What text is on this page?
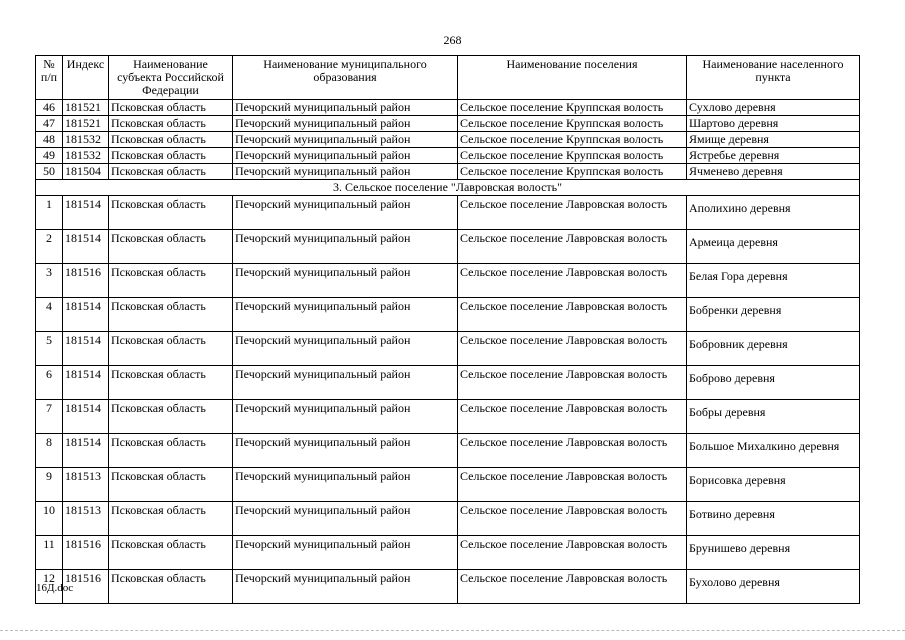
268
№ п/п	Индекс	Наименование субъекта Российской Федерации	Наименование муниципального образования	Наименование поселения	Наименование населенного пункта
46	181521	Псковская область	Печорский муниципальный район	Сельское поселение Круппская волость	Сухлово деревня
47	181521	Псковская область	Печорский муниципальный район	Сельское поселение Круппская волость	Шартово деревня
48	181532	Псковская область	Печорский муниципальный район	Сельское поселение Круппская волость	Ямище деревня
49	181532	Псковская область	Печорский муниципальный район	Сельское поселение Круппская волость	Ястребье деревня
50	181504	Псковская область	Печорский муниципальный район	Сельское поселение Круппская волость	Ячменево деревня
3. Сельское поселение "Лавровская волость"					
1	181514	Псковская область	Печорский муниципальный район	Сельское поселение Лавровская волость	Аполихино деревня
2	181514	Псковская область	Печорский муниципальный район	Сельское поселение Лавровская волость	Армеица деревня
3	181516	Псковская область	Печорский муниципальный район	Сельское поселение Лавровская волость	Белая Гора деревня
4	181514	Псковская область	Печорский муниципальный район	Сельское поселение Лавровская волость	Бобренки деревня
5	181514	Псковская область	Печорский муниципальный район	Сельское поселение Лавровская волость	Бобровник деревня
6	181514	Псковская область	Печорский муниципальный район	Сельское поселение Лавровская волость	Боброво деревня
7	181514	Псковская область	Печорский муниципальный район	Сельское поселение Лавровская волость	Бобры деревня
8	181514	Псковская область	Печорский муниципальный район	Сельское поселение Лавровская волость	Большое Михалкино деревня
9	181513	Псковская область	Печорский муниципальный район	Сельское поселение Лавровская волость	Борисовка деревня
10	181513	Псковская область	Печорский муниципальный район	Сельское поселение Лавровская волость	Ботвино деревня
11	181516	Псковская область	Печорский муниципальный район	Сельское поселение Лавровская волость	Брунишево деревня
12	181516	Псковская область	Печорский муниципальный район	Сельское поселение Лавровская волость	Бухолово деревня
16Д.doc
